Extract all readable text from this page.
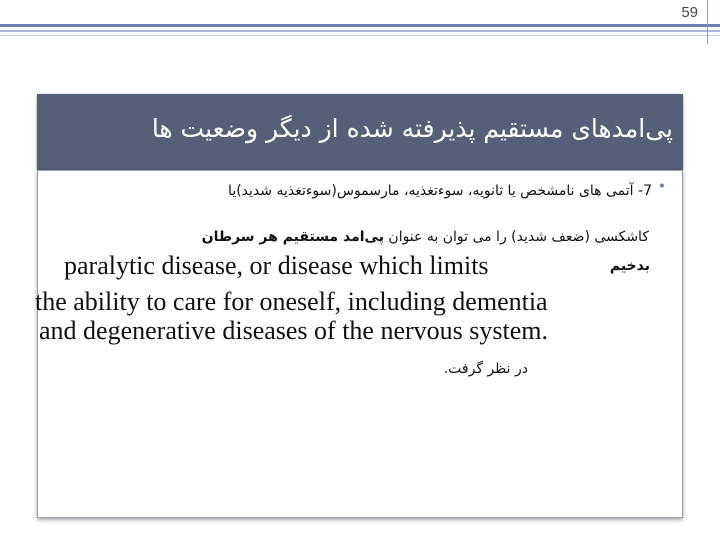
59
پی‌امدهای مستقیم پذیرفته شده از دیگر وضعیت ها
•
7- آتمی های نامشخص یا ثانویه، سوءتغذیه، مارسموس(سوءتغذیه شدید)یا
کاشکسی (ضعف شدید) را می توان به عنوان پی‌امد مستقیم هر سرطان
بدخیم
paralytic disease, or disease which limits
the ability to care for oneself, including dementia
and degenerative diseases of the nervous system.
در نظر گرفت.
